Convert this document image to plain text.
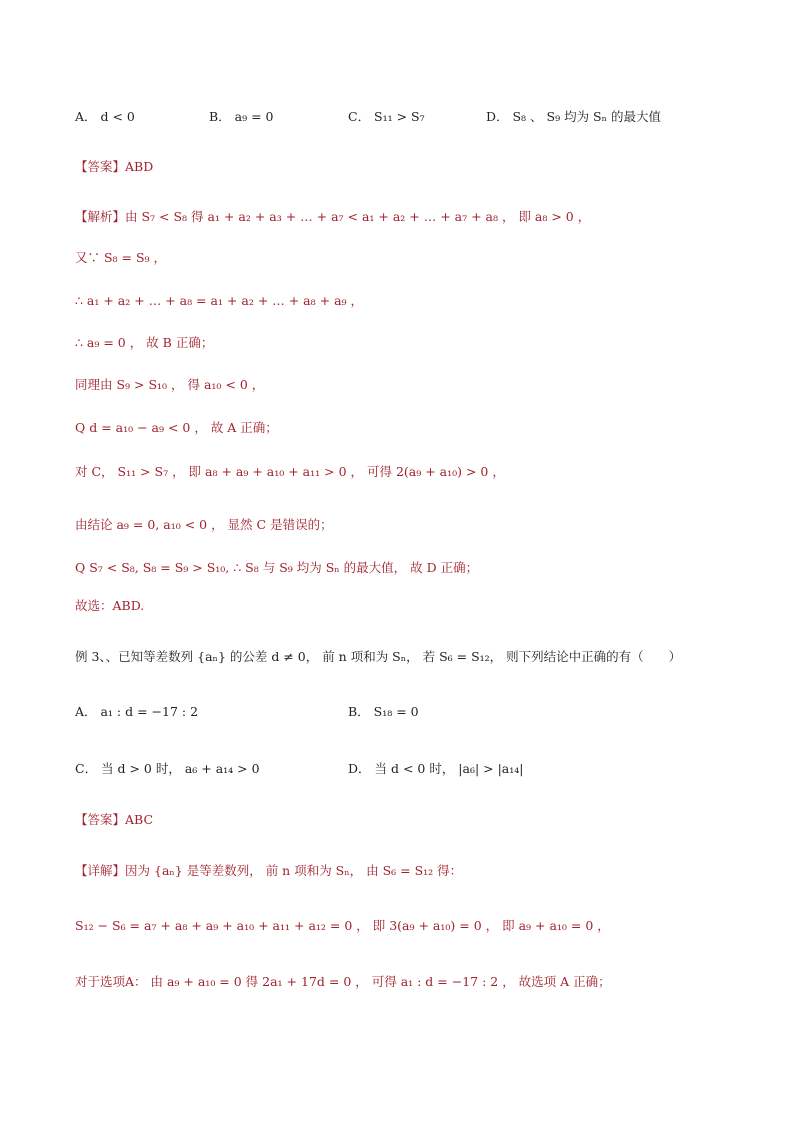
A． d < 0	B． a₉ = 0	C． S₁₁ > S₇	D． S₈ 、 S₉ 均为 Sₙ 的最大值
【答案】ABD
【解析】由 S₇ < S₈ 得 a₁ + a₂ + a₃ + … + a₇ < a₁ + a₂ + … + a₇ + a₈ ， 即 a₈ > 0 ，
又∵ S₈ = S₉ ，
∴ a₁ + a₂ + … + a₈ = a₁ + a₂ + … + a₈ + a₉ ，
∴ a₉ = 0 ， 故 B 正确；
同理由 S₉ > S₁₀ ， 得 a₁₀ < 0 ，
Q d = a₁₀ − a₉ < 0 ， 故 A 正确；
对 C， S₁₁ > S₇ ， 即 a₈ + a₉ + a₁₀ + a₁₁ > 0 ， 可得 2(a₉ + a₁₀) > 0 ，
由结论 a₉ = 0, a₁₀ < 0 ， 显然 C 是错误的；
Q S₇ < S₈, S₈ = S₉ > S₁₀, ∴ S₈ 与 S₉ 均为 Sₙ 的最大值， 故 D 正确；
故选：ABD.
例 3、、已知等差数列 {aₙ} 的公差 d ≠ 0， 前 n 项和为 Sₙ， 若 S₆ = S₁₂， 则下列结论中正确的有（　　）
A． a₁ : d = −17 : 2	B． S₁₈ = 0
C． 当 d > 0 时， a₆ + a₁₄ > 0	D． 当 d < 0 时， |a₆| > |a₁₄|
【答案】ABC
【详解】因为 {aₙ} 是等差数列， 前 n 项和为 Sₙ， 由 S₆ = S₁₂ 得：
S₁₂ − S₆ = a₇ + a₈ + a₉ + a₁₀ + a₁₁ + a₁₂ = 0 ， 即 3(a₉ + a₁₀) = 0 ， 即 a₉ + a₁₀ = 0 ，
对于选项A： 由 a₉ + a₁₀ = 0 得 2a₁ + 17d = 0 ， 可得 a₁ : d = −17 : 2 ， 故选项 A 正确；
